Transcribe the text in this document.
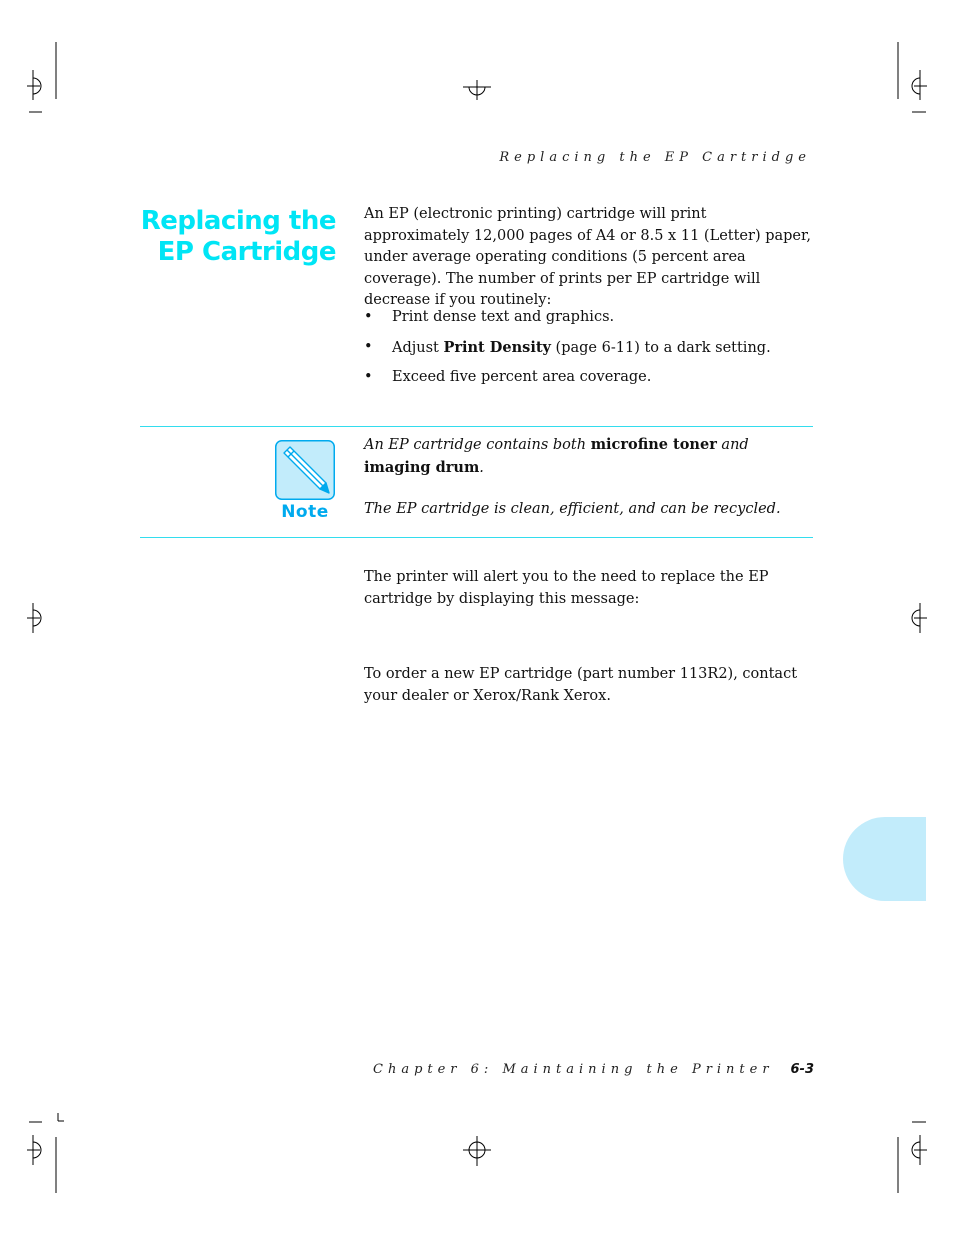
Replacing the EP Cartridge
Replacing the
EP Cartridge
An EP (electronic printing) cartridge will print approximately 12,000 pages of A4 or 8.5 x 11 (Letter) paper, under average operating conditions (5 percent area coverage). The number of prints per EP cartridge will decrease if you routinely:
• Print dense text and graphics.
• Adjust Print Density (page 6-11) to a dark setting.
• Exceed five percent area coverage.
Note
An EP cartridge contains both microfine toner and imaging drum.
The EP cartridge is clean, efficient, and can be recycled.
The printer will alert you to the need to replace the EP cartridge by displaying this message:
To order a new EP cartridge (part number 113R2), contact your dealer or Xerox/Rank Xerox.
Chapter 6: Maintaining the Printer 6-3
